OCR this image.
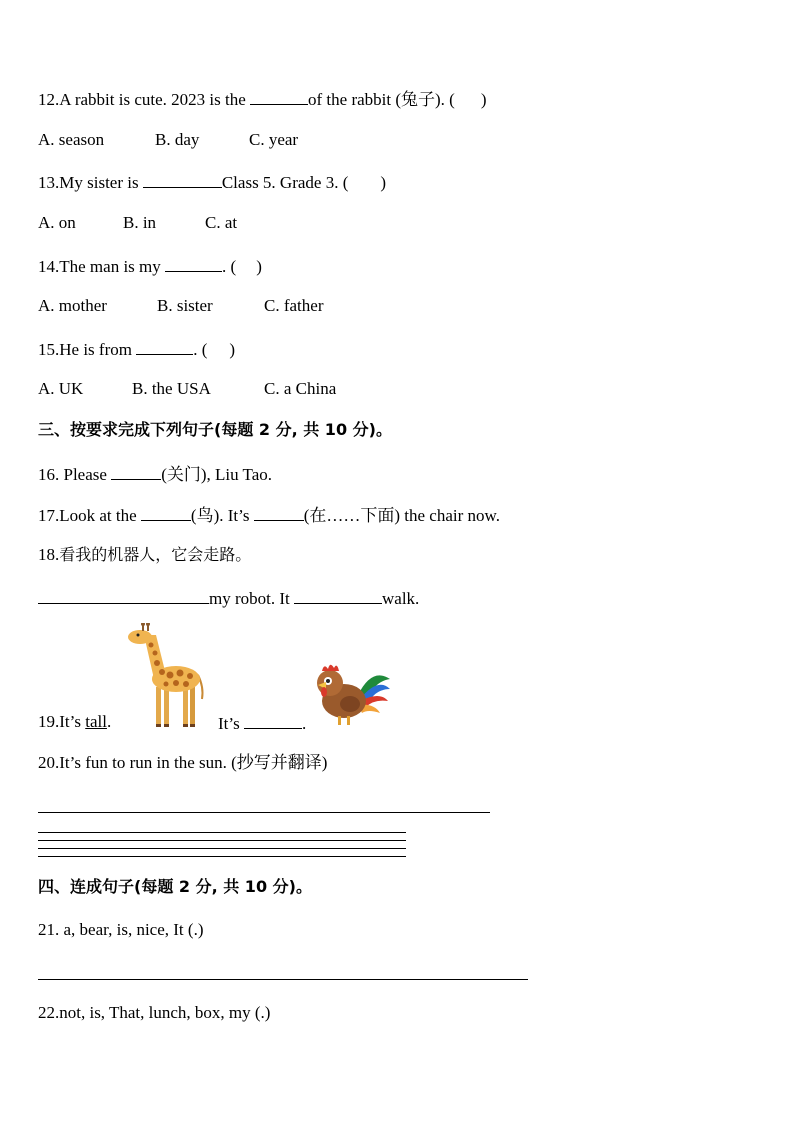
12.A rabbit is cute. 2023 is the	of the rabbit (兔子). ( )
A. season	B. day	C. year
13.My sister is	Class 5. Grade 3. ( )
A. on	B. in	C. at
14.The man is my	. ( )
A. mother	B. sister	C. father
15.He is from	. ( )
A. UK	B. the USA	C. a China
三、按要求完成下列句子(每题 2 分, 共 10 分)。
16. Please	(关门), Liu Tao.
17.Look at the	(鸟). It’s	(在……下面) the chair now.
18.看我的机器人，它会走路。
my robot. It	walk.
19.It’s tall.	It’s	.
20.It’s fun to run in the sun. (抄写并翻译)
四、连成句子(每题 2 分, 共 10 分)。
21. a, bear, is, nice, It (.)
22.not, is, That, lunch, box, my (.)
